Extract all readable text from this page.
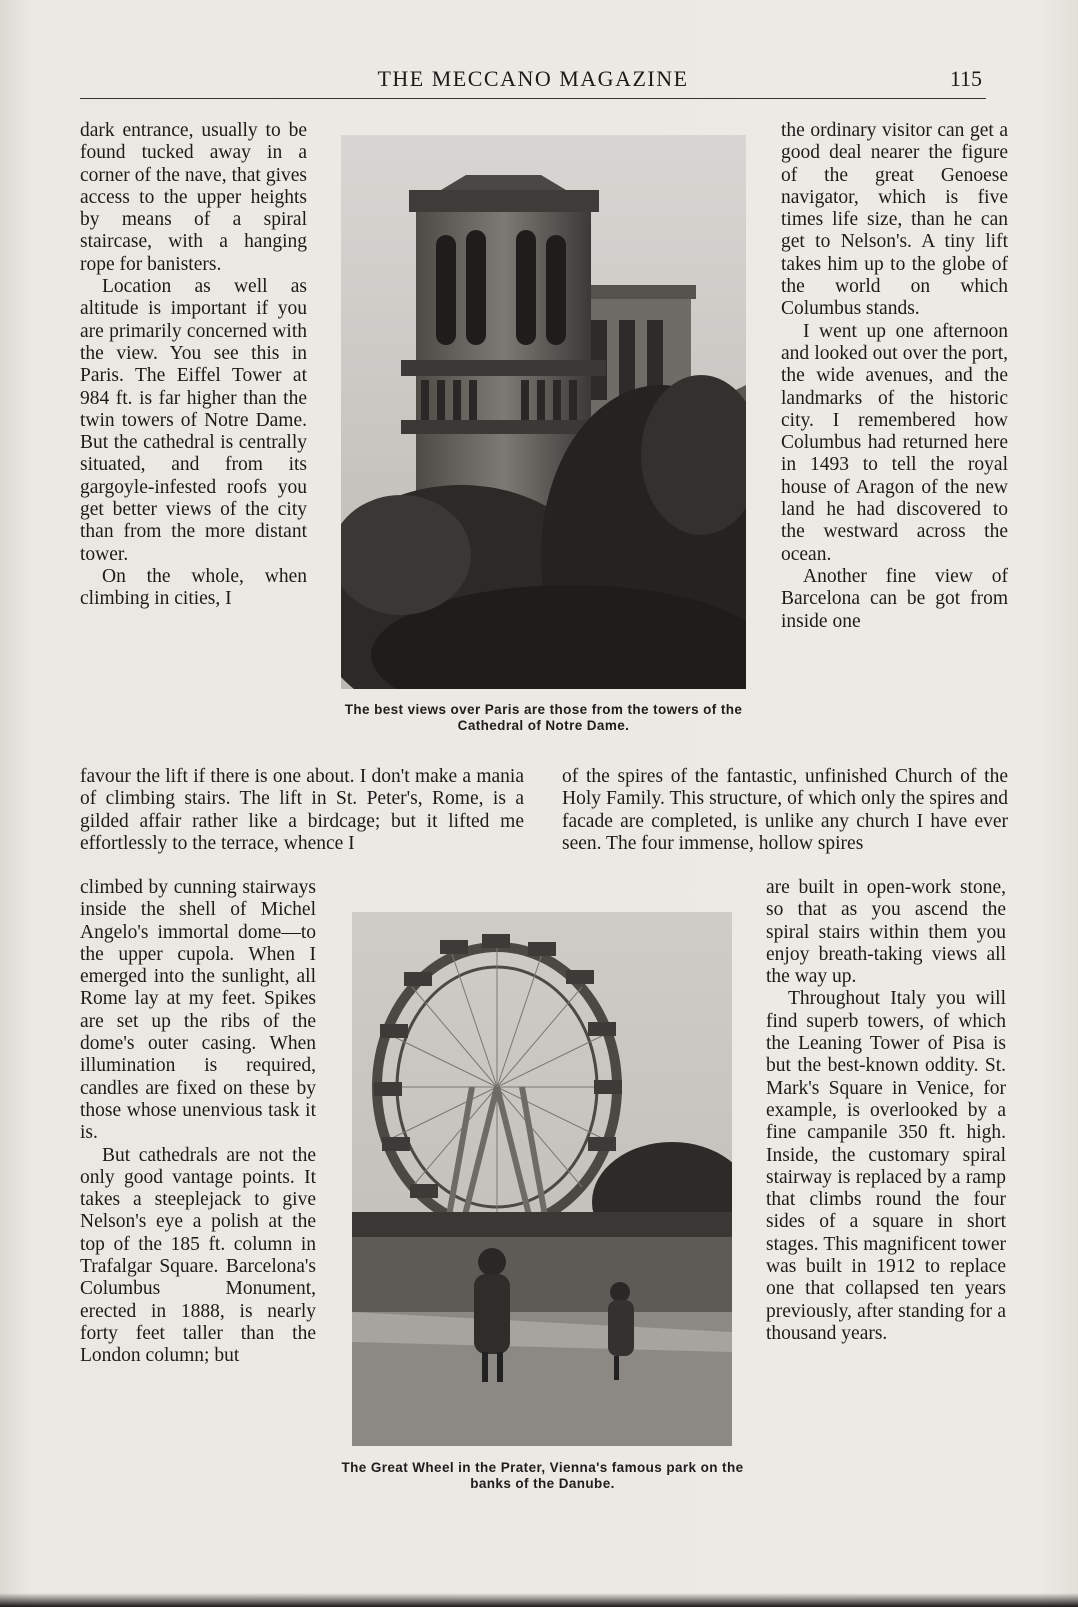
THE MECCANO MAGAZINE	115

dark entrance, usually to be found tucked away in a corner of the nave, that gives access to the upper heights by means of a spiral staircase, with a hanging rope for banisters.

Location as well as altitude is important if you are primarily concerned with the view. You see this in Paris. The Eiffel Tower at 984 ft. is far higher than the twin towers of Notre Dame. But the cathedral is centrally situated, and from its gargoyle-infested roofs you get better views of the city than from the more distant tower.

On the whole, when climbing in cities, I

The best views over Paris are those from the towers of the Cathedral of Notre Dame.

the ordinary visitor can get a good deal nearer the figure of the great Genoese navigator, which is five times life size, than he can get to Nelson's. A tiny lift takes him up to the globe of the world on which Columbus stands.

I went up one afternoon and looked out over the port, the wide avenues, and the landmarks of the historic city. I remembered how Columbus had returned here in 1493 to tell the royal house of Aragon of the new land he had discovered to the westward across the ocean.

Another fine view of Barcelona can be got from inside one

favour the lift if there is one about. I don't make a mania of climbing stairs. The lift in St. Peter's, Rome, is a gilded affair rather like a birdcage; but it lifted me effortlessly to the terrace, whence I
of the spires of the fantastic, unfinished Church of the Holy Family. This structure, of which only the spires and facade are completed, is unlike any church I have ever seen. The four immense, hollow spires

climbed by cunning stairways inside the shell of Michel Angelo's immortal dome—to the upper cupola. When I emerged into the sunlight, all Rome lay at my feet. Spikes are set up the ribs of the dome's outer casing. When illumination is required, candles are fixed on these by those whose unenvious task it is.

But cathedrals are not the only good vantage points. It takes a steeplejack to give Nelson's eye a polish at the top of the 185 ft. column in Trafalgar Square. Barcelona's Columbus Monument, erected in 1888, is nearly forty feet taller than the London column; but

The Great Wheel in the Prater, Vienna's famous park on the banks of the Danube.

are built in open-work stone, so that as you ascend the spiral stairs within them you enjoy breath-taking views all the way up.

Throughout Italy you will find superb towers, of which the Leaning Tower of Pisa is but the best-known oddity. St. Mark's Square in Venice, for example, is overlooked by a fine campanile 350 ft. high. Inside, the customary spiral stairway is replaced by a ramp that climbs round the four sides of a square in short stages. This magnificent tower was built in 1912 to replace one that collapsed ten years previously, after standing for a thousand years.
